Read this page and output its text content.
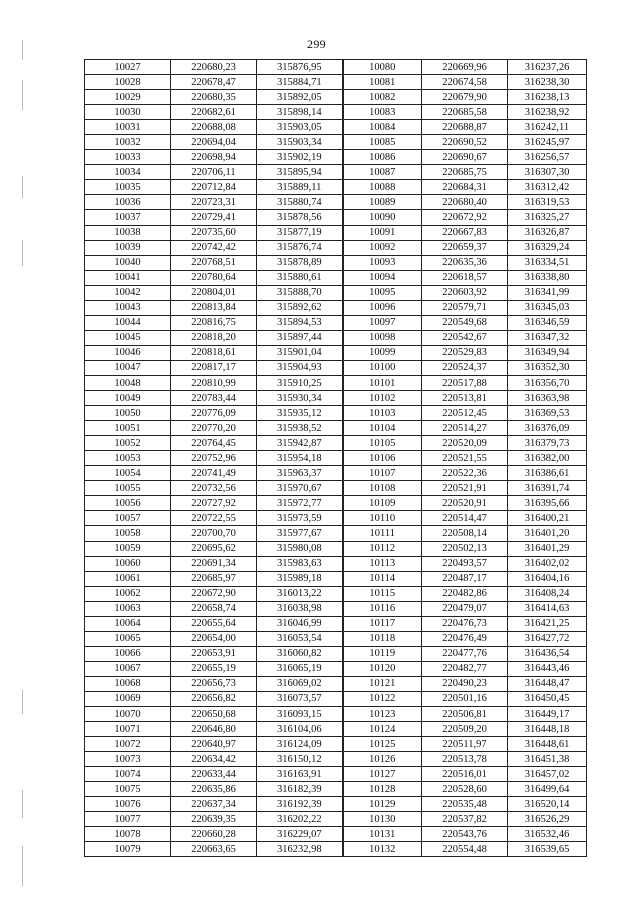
299
10027	220680,23	315876,95	10080	220669,96	316237,26
10028	220678,47	315884,71	10081	220674,58	316238,30
10029	220680,35	315892,05	10082	220679,90	316238,13
10030	220682,61	315898,14	10083	220685,58	316238,92
10031	220688,08	315903,05	10084	220688,87	316242,11
10032	220694,04	315903,34	10085	220690,52	316245,97
10033	220698,94	315902,19	10086	220690,67	316256,57
10034	220706,11	315895,94	10087	220685,75	316307,30
10035	220712,84	315889,11	10088	220684,31	316312,42
10036	220723,31	315880,74	10089	220680,40	316319,53
10037	220729,41	315878,56	10090	220672,92	316325,27
10038	220735,60	315877,19	10091	220667,83	316326,87
10039	220742,42	315876,74	10092	220659,37	316329,24
10040	220768,51	315878,89	10093	220635,36	316334,51
10041	220780,64	315880,61	10094	220618,57	316338,80
10042	220804,01	315888,70	10095	220603,92	316341,99
10043	220813,84	315892,62	10096	220579,71	316345,03
10044	220816,75	315894,53	10097	220549,68	316346,59
10045	220818,20	315897,44	10098	220542,67	316347,32
10046	220818,61	315901,04	10099	220529,83	316349,94
10047	220817,17	315904,93	10100	220524,37	316352,30
10048	220810,99	315910,25	10101	220517,88	316356,70
10049	220783,44	315930,34	10102	220513,81	316363,98
10050	220776,09	315935,12	10103	220512,45	316369,53
10051	220770,20	315938,52	10104	220514,27	316376,09
10052	220764,45	315942,87	10105	220520,09	316379,73
10053	220752,96	315954,18	10106	220521,55	316382,00
10054	220741,49	315963,37	10107	220522,36	316386,61
10055	220732,56	315970,67	10108	220521,91	316391,74
10056	220727,92	315972,77	10109	220520,91	316395,66
10057	220722,55	315973,59	10110	220514,47	316400,21
10058	220700,70	315977,67	10111	220508,14	316401,20
10059	220695,62	315980,08	10112	220502,13	316401,29
10060	220691,34	315983,63	10113	220493,57	316402,02
10061	220685,97	315989,18	10114	220487,17	316404,16
10062	220672,90	316013,22	10115	220482,86	316408,24
10063	220658,74	316038,98	10116	220479,07	316414,63
10064	220655,64	316046,99	10117	220476,73	316421,25
10065	220654,00	316053,54	10118	220476,49	316427,72
10066	220653,91	316060,82	10119	220477,76	316436,54
10067	220655,19	316065,19	10120	220482,77	316443,46
10068	220656,73	316069,02	10121	220490,23	316448,47
10069	220656,82	316073,57	10122	220501,16	316450,45
10070	220650,68	316093,15	10123	220506,81	316449,17
10071	220646,80	316104,06	10124	220509,20	316448,18
10072	220640,97	316124,09	10125	220511,97	316448,61
10073	220634,42	316150,12	10126	220513,78	316451,38
10074	220633,44	316163,91	10127	220516,01	316457,02
10075	220635,86	316182,39	10128	220528,60	316499,64
10076	220637,34	316192,39	10129	220535,48	316520,14
10077	220639,35	316202,22	10130	220537,82	316526,29
10078	220660,28	316229,07	10131	220543,76	316532,46
10079	220663,65	316232,98	10132	220554,48	316539,65
